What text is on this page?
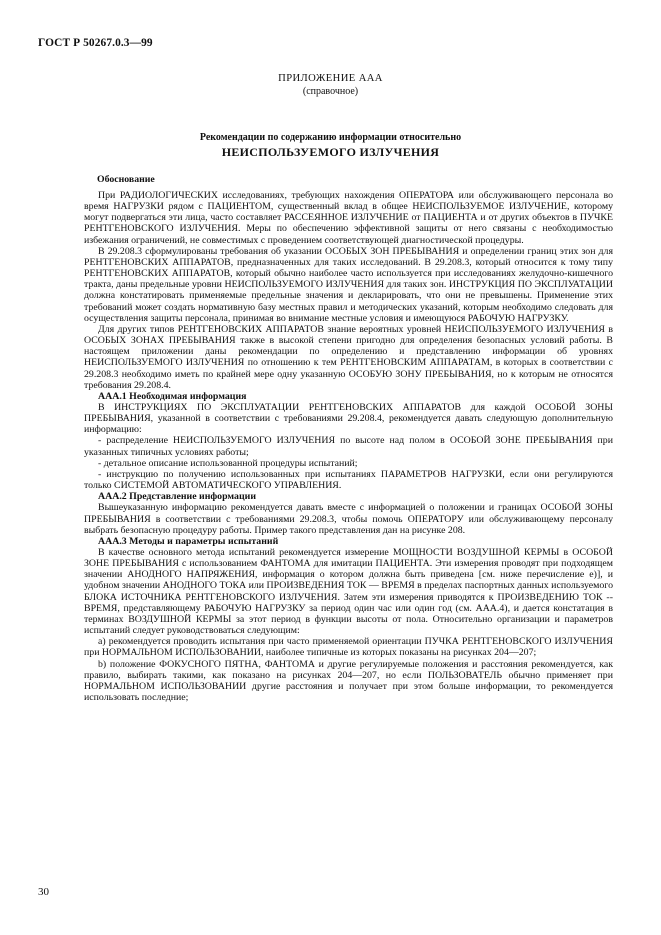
ГОСТ Р 50267.0.3—99
ПРИЛОЖЕНИЕ ААА
(справочное)
Рекомендации по содержанию информации относительно
НЕИСПОЛЬЗУЕМОГО ИЗЛУЧЕНИЯ
Обоснование

При РАДИОЛОГИЧЕСКИХ исследованиях, требующих нахождения ОПЕРАТОРА или обслуживающего персонала во время НАГРУЗКИ рядом с ПАЦИЕНТОМ, существенный вклад в общее НЕИСПОЛЬЗУЕМОЕ ИЗЛУЧЕНИЕ, которому могут подвергаться эти лица, часто составляет РАССЕЯННОЕ ИЗЛУЧЕНИЕ от ПАЦИЕНТА и от других объектов в ПУЧКЕ РЕНТГЕНОВСКОГО ИЗЛУЧЕНИЯ. Меры по обеспечению эффективной защиты от него связаны с необходимостью избежания ограничений, не совместимых с проведением соответствующей диагностической процедуры.

В 29.208.3 сформулированы требования об указании ОСОБЫХ ЗОН ПРЕБЫВАНИЯ и определении границ этих зон для РЕНТГЕНОВСКИХ АППАРАТОВ, предназначенных для таких исследований. В 29.208.3, который относится к тому типу РЕНТГЕНОВСКИХ АППАРАТОВ, который обычно наиболее часто используется при исследованиях желудочно-кишечного тракта, даны предельные уровни НЕИСПОЛЬЗУЕМОГО ИЗЛУЧЕНИЯ для таких зон. ИНСТРУКЦИЯ ПО ЭКСПЛУАТАЦИИ должна констатировать применяемые предельные значения и декларировать, что они не превышены. Применение этих требований может создать нормативную базу местных правил и методических указаний, которым необходимо следовать для осуществления защиты персонала, принимая во внимание местные условия и имеющуюся РАБОЧУЮ НАГРУЗКУ.

Для других типов РЕНТГЕНОВСКИХ АППАРАТОВ знание вероятных уровней НЕИСПОЛЬЗУЕМОГО ИЗЛУЧЕНИЯ в ОСОБЫХ ЗОНАХ ПРЕБЫВАНИЯ также в высокой степени пригодно для определения безопасных условий работы. В настоящем приложении даны рекомендации по определению и представлению информации об уровнях НЕИСПОЛЬЗУЕМОГО ИЗЛУЧЕНИЯ по отношению к тем РЕНТГЕНОВСКИМ АППАРАТАМ, в которых в соответствии с 29.208.3 необходимо иметь по крайней мере одну указанную ОСОБУЮ ЗОНУ ПРЕБЫВАНИЯ, но к которым не относятся требования 29.208.4.

ААА.1 Необходимая информация

В ИНСТРУКЦИЯХ ПО ЭКСПЛУАТАЦИИ РЕНТГЕНОВСКИХ АППАРАТОВ для каждой ОСОБОЙ ЗОНЫ ПРЕБЫВАНИЯ, указанной в соответствии с требованиями 29.208.4, рекомендуется давать следующую дополнительную информацию:

- распределение НЕИСПОЛЬЗУЕМОГО ИЗЛУЧЕНИЯ по высоте над полом в ОСОБОЙ ЗОНЕ ПРЕБЫВАНИЯ при указанных типичных условиях работы;

- детальное описание использованной процедуры испытаний;

- инструкцию по получению использованных при испытаниях ПАРАМЕТРОВ НАГРУЗКИ, если они регулируются только СИСТЕМОЙ АВТОМАТИЧЕСКОГО УПРАВЛЕНИЯ.

ААА.2 Представление информации

Вышеуказанную информацию рекомендуется давать вместе с информацией о положении и границах ОСОБОЙ ЗОНЫ ПРЕБЫВАНИЯ в соответствии с требованиями 29.208.3, чтобы помочь ОПЕРАТОРУ или обслуживающему персоналу выбрать безопасную процедуру работы. Пример такого представления дан на рисунке 208.

ААА.3 Методы и параметры испытаний

В качестве основного метода испытаний рекомендуется измерение МОЩНОСТИ ВОЗДУШНОЙ КЕРМЫ в ОСОБОЙ ЗОНЕ ПРЕБЫВАНИЯ с использованием ФАНТОМА для имитации ПАЦИЕНТА. Эти измерения проводят при подходящем значении АНОДНОГО НАПРЯЖЕНИЯ, информация о котором должна быть приведена [см. ниже перечисление е)], и удобном значении АНОДНОГО ТОКА или ПРОИЗВЕДЕНИЯ ТОК — ВРЕМЯ в пределах паспортных данных используемого БЛОКА ИСТОЧНИКА РЕНТГЕНОВСКОГО ИЗЛУЧЕНИЯ. Затем эти измерения приводятся к ПРОИЗВЕДЕНИЮ ТОК -- ВРЕМЯ, представляющему РАБОЧУЮ НАГРУЗКУ за период один час или один год (см. ААА.4), и дается констатация в терминах ВОЗДУШНОЙ КЕРМЫ за этот период в функции высоты от пола. Относительно организации и параметров испытаний следует руководствоваться следующим:

а) рекомендуется проводить испытания при часто применяемой ориентации ПУЧКА РЕНТГЕНОВСКОГО ИЗЛУЧЕНИЯ при НОРМАЛЬНОМ ИСПОЛЬЗОВАНИИ, наиболее типичные из которых показаны на рисунках 204—207;

b) положение ФОКУСНОГО ПЯТНА, ФАНТОМА и другие регулируемые положения и расстояния рекомендуется, как правило, выбирать такими, как показано на рисунках 204—207, но если ПОЛЬЗОВАТЕЛЬ обычно применяет при НОРМАЛЬНОМ ИСПОЛЬЗОВАНИИ другие расстояния и получает при этом больше информации, то рекомендуется использовать последние;

30
